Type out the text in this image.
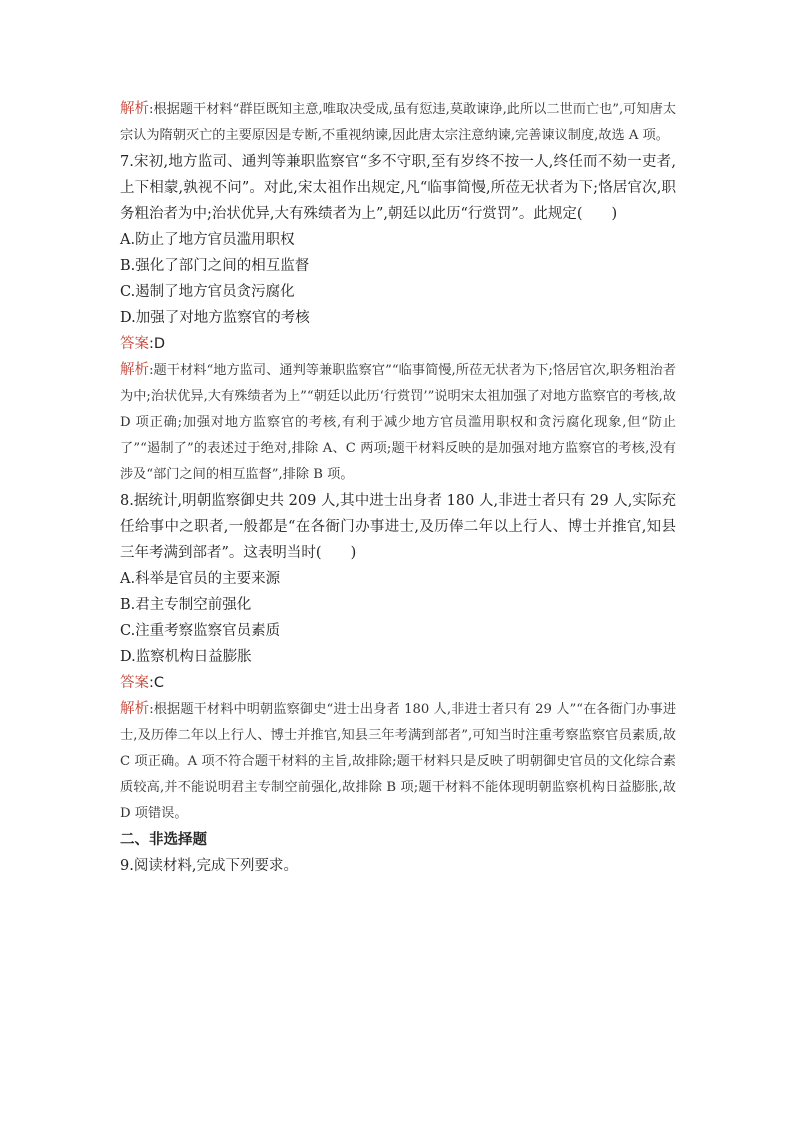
解析:根据题干材料“群臣既知主意,唯取决受成,虽有愆违,莫敢谏诤,此所以二世而亡也”,可知唐太宗认为隋朝灭亡的主要原因是专断,不重视纳谏,因此唐太宗注意纳谏,完善谏议制度,故选 A 项。

7.宋初,地方监司、通判等兼职监察官“多不守职,至有岁终不按一人,终任而不劾一吏者,上下相蒙,孰视不问”。对此,宋太祖作出规定,凡“临事简慢,所莅无状者为下;恪居官次,职务粗治者为中;治状优异,大有殊绩者为上”,朝廷以此历“行赏罚”。此规定(　　)

A.防止了地方官员滥用职权

B.强化了部门之间的相互监督

C.遏制了地方官员贪污腐化

D.加强了对地方监察官的考核

答案:D

解析:题干材料“地方监司、通判等兼职监察官”“临事简慢,所莅无状者为下;恪居官次,职务粗治者为中;治状优异,大有殊绩者为上”“朝廷以此历‘行赏罚’”说明宋太祖加强了对地方监察官的考核,故 D 项正确;加强对地方监察官的考核,有利于减少地方官员滥用职权和贪污腐化现象,但“防止了”“遏制了”的表述过于绝对,排除 A、C 两项;题干材料反映的是加强对地方监察官的考核,没有涉及“部门之间的相互监督”,排除 B 项。

8.据统计,明朝监察御史共 209 人,其中进士出身者 180 人,非进士者只有 29 人,实际充任给事中之职者,一般都是“在各衙门办事进士,及历俸二年以上行人、博士并推官,知县三年考满到部者”。这表明当时(　　)

A.科举是官员的主要来源

B.君主专制空前强化

C.注重考察监察官员素质

D.监察机构日益膨胀

答案:C

解析:根据题干材料中明朝监察御史“进士出身者 180 人,非进士者只有 29 人”“在各衙门办事进士,及历俸二年以上行人、博士并推官,知县三年考满到部者”,可知当时注重考察监察官员素质,故 C 项正确。A 项不符合题干材料的主旨,故排除;题干材料只是反映了明朝御史官员的文化综合素质较高,并不能说明君主专制空前强化,故排除 B 项;题干材料不能体现明朝监察机构日益膨胀,故 D 项错误。

二、非选择题

9.阅读材料,完成下列要求。
